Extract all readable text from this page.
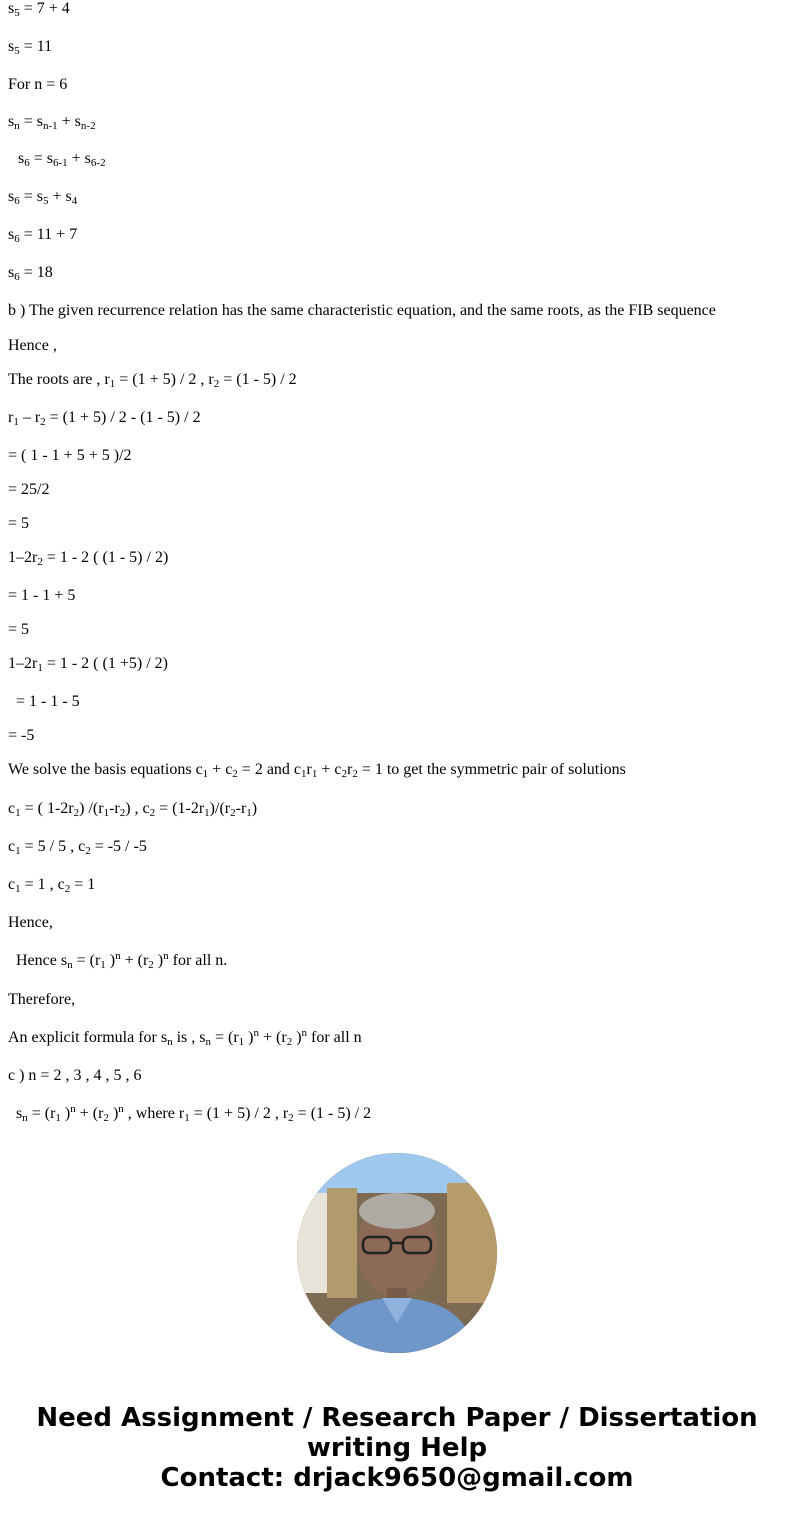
$s_5 = 7 + 4$
$s_5 = 11$
For n = 6
$s_n = s_{n-1} + s_{n-2}$
$s_6 = s_{6-1} + s_{6-2}$
$s_6 = s_5 + s_4$
$s_6 = 11 + 7$
$s_6 = 18$
b ) The given recurrence relation has the same characteristic equation, and the same roots, as the FIB sequence
Hence ,
The roots are , $r_1 = (1 + 5) / 2$ , $r_2 = (1 - 5) / 2$
$r_1 - r_2 = (1 + 5) / 2 - (1 - 5) / 2$
= ( 1 - 1 + 5 + 5 )/2
= 25/2
= 5
$1-2r_2 = 1 - 2$ ( (1 - 5) / 2)
= 1 - 1 + 5
= 5
$1-2r_1 = 1 - 2$ ( (1 +5) / 2)
= 1 - 1 - 5
= -5
We solve the basis equations $c_1 + c_2 = 2$ and $c_1r_1 + c_2r_2 = 1$ to get the symmetric pair of solutions
$c_1$ = ( $1-2r_2$) $/(r_1-r_2)$ , $c_2 = (1-2r_1)/(r_2-r_1)$
$c_1 = 5 / 5$ , $c_2 = -5 / -5$
$c_1 = 1$ , $c_2 = 1$
Hence,
Hence $s_n = (r_1$ )$^n + (r_2$ )$^n$ for all n.
Therefore,
An explicit formula for $s_n$ is , $s_n = (r_1$ )$^n + (r_2$ )$^n$ for all n
c ) n = 2 , 3 , 4 , 5 , 6
$s_n = (r_1$ )$^n + (r_2$ )$^n$ , where $r_1 = (1 + 5) / 2$ , $r_2 = (1 - 5) / 2$
Need Assignment / Research Paper / Dissertation
writing Help
Contact: drjack9650@gmail.com
